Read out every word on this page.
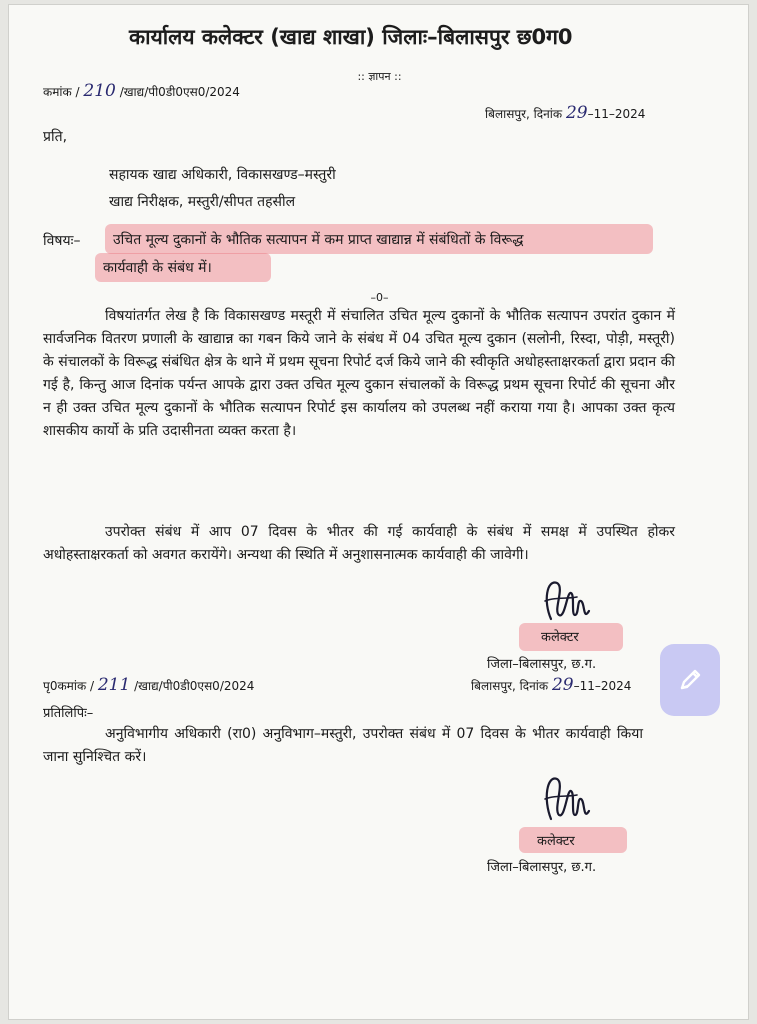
कार्यालय कलेक्टर (खाद्य शाखा) जिलाः–बिलासपुर छ0ग0
:: ज्ञापन ::
कमांक / 210 /खाद्य/पी0डी0एस0/2024
बिलासपुर, दिनांक 29–11–2024
प्रति,
सहायक खाद्य अधिकारी, विकासखण्ड–मस्तुरी
खाद्य निरीक्षक, मस्तुरी/सीपत तहसील
विषयः– उचित मूल्य दुकानों के भौतिक सत्यापन में कम प्राप्त खाद्यान्न में संबंधितों के विरूद्ध
कार्यवाही के संबंध में।
–0–
विषयांतर्गत लेख है कि विकासखण्ड मस्तूरी में संचालित उचित मूल्य दुकानों के भौतिक सत्यापन उपरांत दुकान में सार्वजनिक वितरण प्रणाली के खाद्यान्न का गबन किये जाने के संबंध में 04 उचित मूल्य दुकान (सलोनी, रिस्दा, पोड़ी, मस्तूरी) के संचालकों के विरूद्ध संबंधित क्षेत्र के थाने में प्रथम सूचना रिपोर्ट दर्ज किये जाने की स्वीकृति अधोहस्ताक्षरकर्ता द्वारा प्रदान की गई है, किन्तु आज दिनांक पर्यन्त आपके द्वारा उक्त उचित मूल्य दुकान संचालकों के विरूद्ध प्रथम सूचना रिपोर्ट की सूचना और न ही उक्त उचित मूल्य दुकानों के भौतिक सत्यापन रिपोर्ट इस कार्यालय को उपलब्ध नहीं कराया गया है। आपका उक्त कृत्य शासकीय कार्यो के प्रति उदासीनता व्यक्त करता है।
उपरोक्त संबंध में आप 07 दिवस के भीतर की गई कार्यवाही के संबंध में समक्ष में उपस्थित होकर अधोहस्ताक्षरकर्ता को अवगत करायेंगे। अन्यथा की स्थिति में अनुशासनात्मक कार्यवाही की जावेगी।
कलेक्टर
जिला–बिलासपुर, छ.ग.
पृ0कमांक / 211 /खाद्य/पी0डी0एस0/2024	बिलासपुर, दिनांक 29–11–2024
प्रतिलिपिः–
अनुविभागीय अधिकारी (रा0) अनुविभाग–मस्तुरी, उपरोक्त संबंध में 07 दिवस के भीतर कार्यवाही किया जाना सुनिश्चित करें।
कलेक्टर
जिला–बिलासपुर, छ.ग.
